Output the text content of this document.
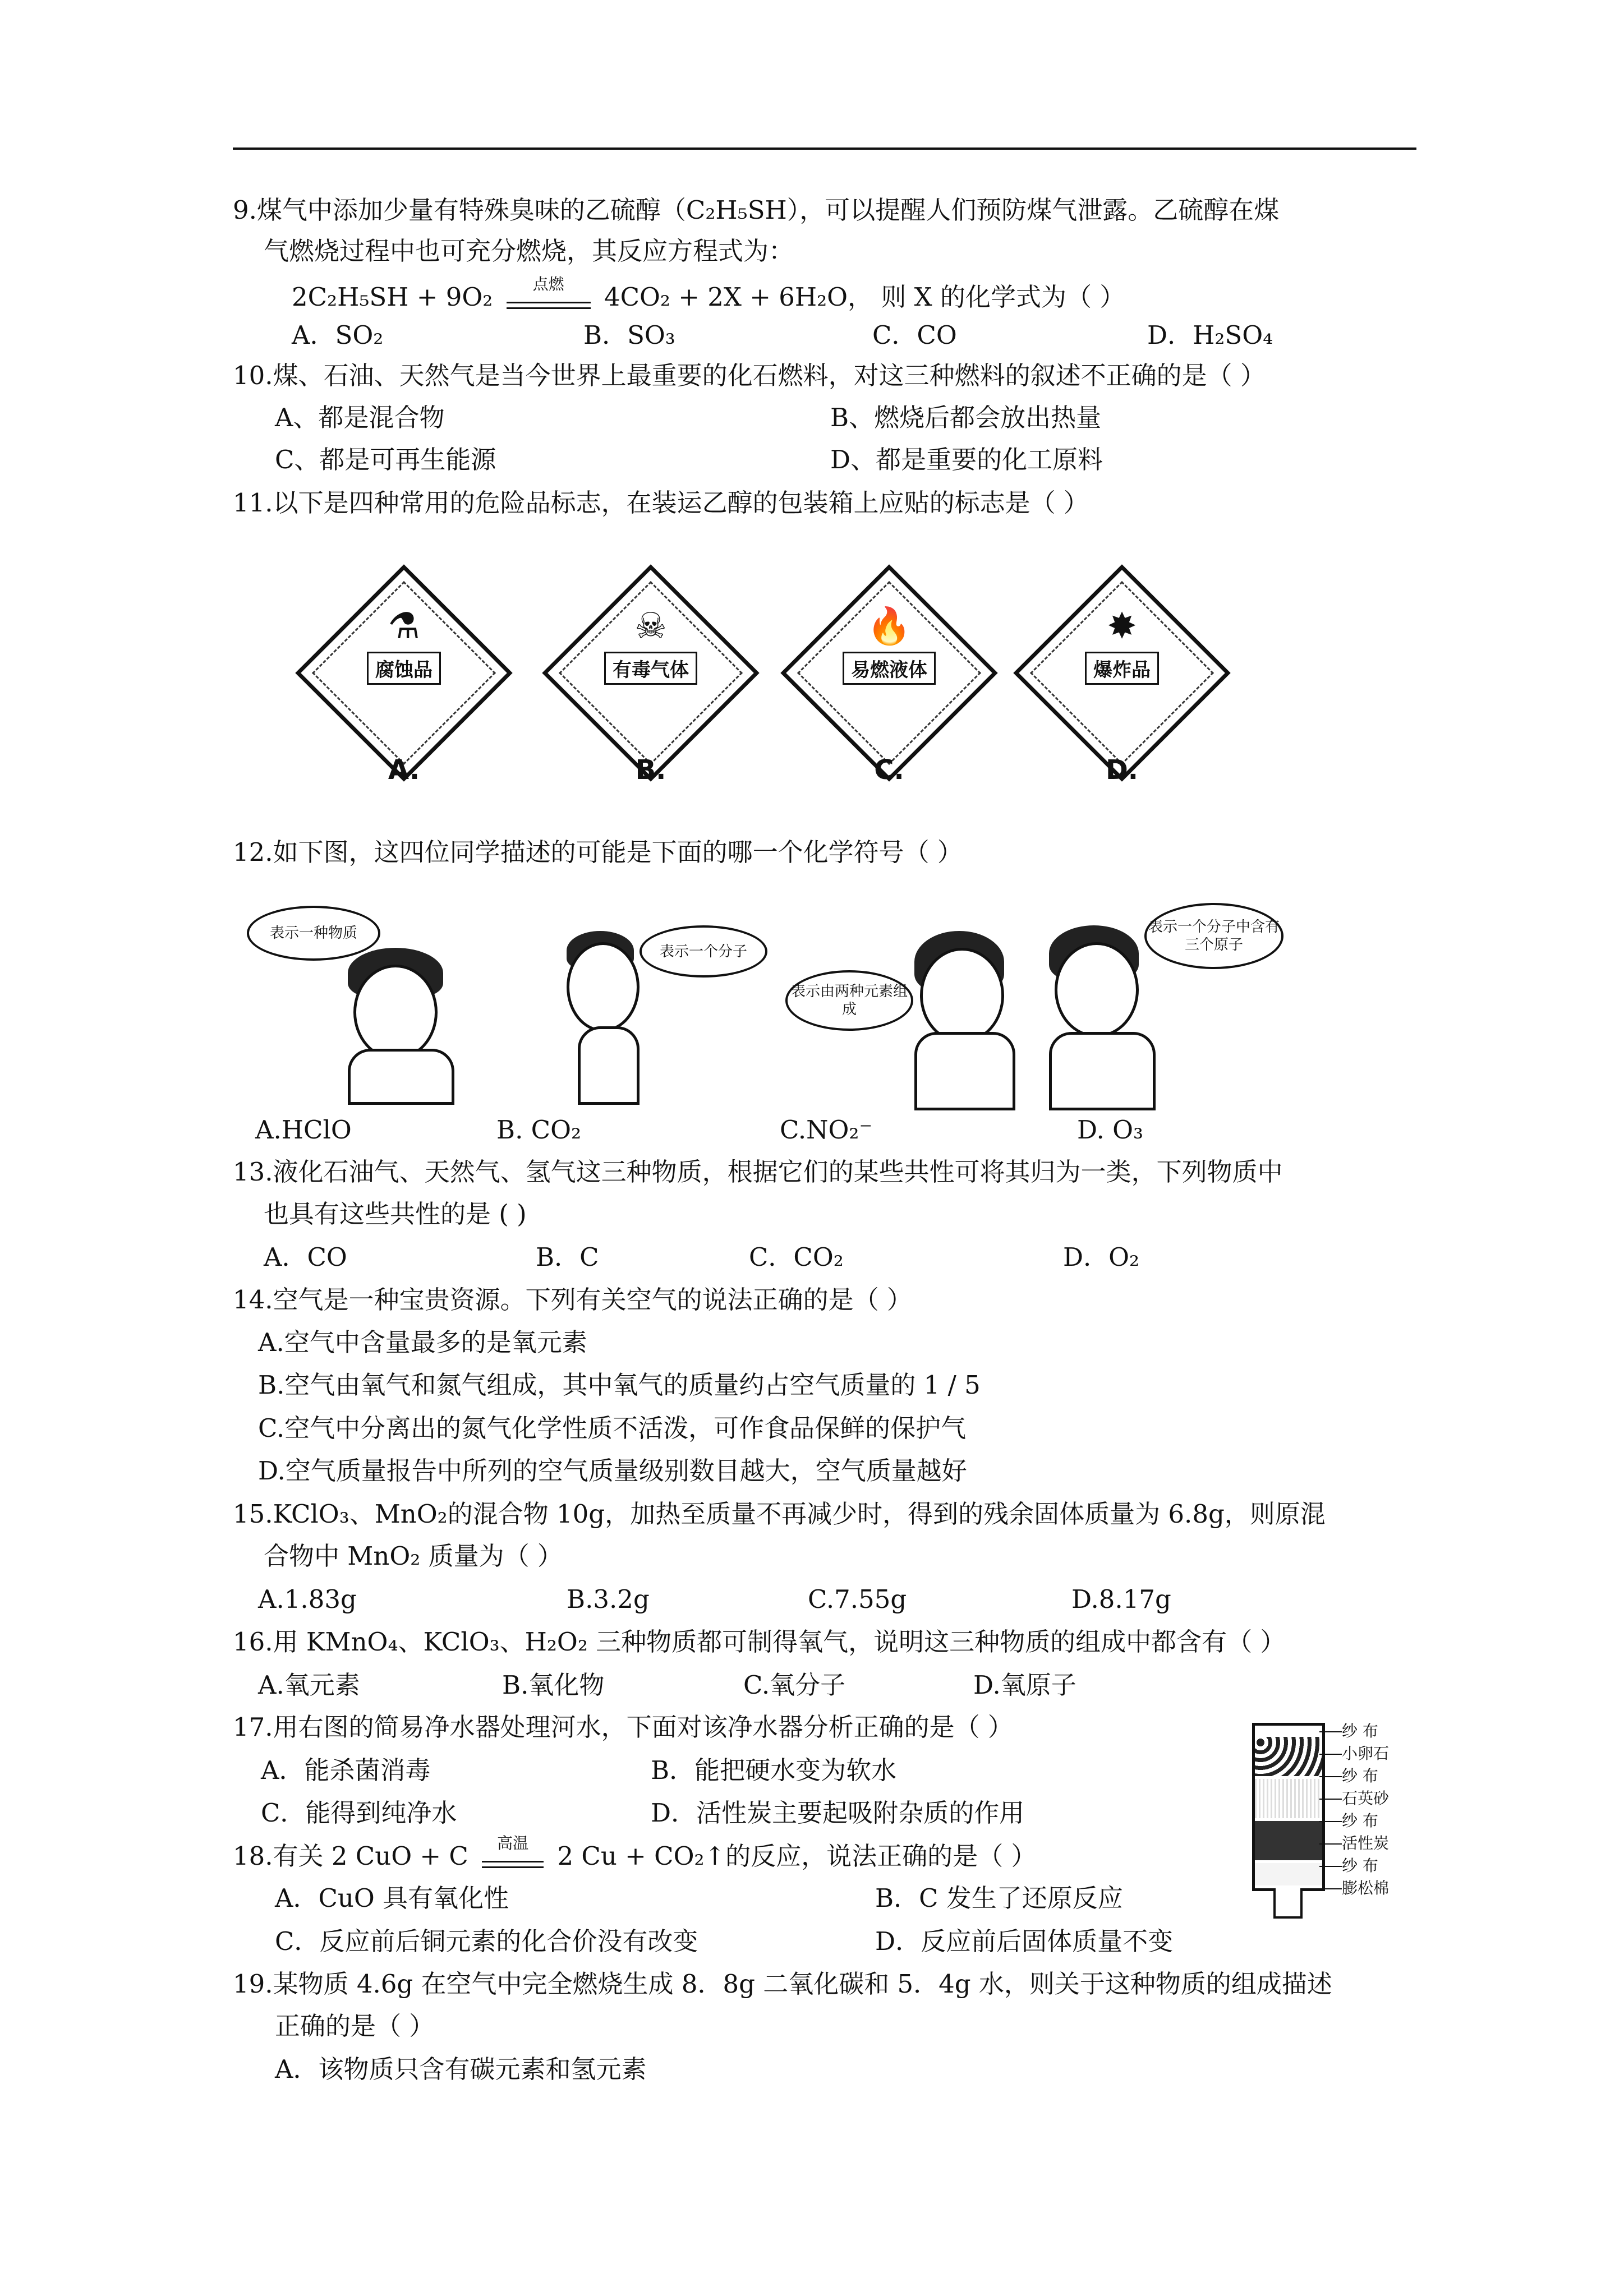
9.煤气中添加少量有特殊臭味的乙硫醇（C₂H₅SH），可以提醒人们预防煤气泄露。乙硫醇在煤
气燃烧过程中也可充分燃烧，其反应方程式为：
2C₂H₅SH + 9O₂	点燃	4CO₂ + 2X + 6H₂O， 则 X 的化学式为（ ）
A．SO₂	B．SO₃	C．CO	D．H₂SO₄
10.煤、石油、天然气是当今世界上最重要的化石燃料，对这三种燃料的叙述不正确的是（ ）
A、都是混合物	B、燃烧后都会放出热量
C、都是可再生能源	D、都是重要的化工原料
11.以下是四种常用的危险品标志，在装运乙醇的包装箱上应贴的标志是（ ）
⚗
腐蚀品
A.
☠
有毒气体
B.
🔥
易燃液体
C.
✸
爆炸品
D.
12.如下图，这四位同学描述的可能是下面的哪一个化学符号（ ）
表示一种物质
表示一个分子
表示由两种元素组成
表示一个分子中含有三个原子
A.HClO	B. CO₂	C.NO₂⁻	D. O₃
13.液化石油气、天然气、氢气这三种物质，根据它们的某些共性可将其归为一类，下列物质中
也具有这些共性的是 ( )
A．CO	B．C	C．CO₂	D．O₂
14.空气是一种宝贵资源。下列有关空气的说法正确的是（ ）
A.空气中含量最多的是氧元素
B.空气由氧气和氮气组成，其中氧气的质量约占空气质量的 1 / 5
C.空气中分离出的氮气化学性质不活泼，可作食品保鲜的保护气
D.空气质量报告中所列的空气质量级别数目越大，空气质量越好
15.KClO₃、MnO₂的混合物 10g，加热至质量不再减少时，得到的残余固体质量为 6.8g，则原混
合物中 MnO₂ 质量为（ ）
A.1.83g	B.3.2g	C.7.55g	D.8.17g
16.用 KMnO₄、KClO₃、H₂O₂ 三种物质都可制得氧气，说明这三种物质的组成中都含有（ ）
A.氧元素	B.氧化物	C.氧分子	D.氧原子
17.用右图的简易净水器处理河水，下面对该净水器分析正确的是（ ）
A．能杀菌消毒	B．能把硬水变为软水
C．能得到纯净水	D．活性炭主要起吸附杂质的作用
纱 布
小卵石
纱 布
石英砂
纱 布
活性炭
纱 布
膨松棉
18.有关 2 CuO + C	高温	2 Cu + CO₂↑的反应，说法正确的是（ ）
A．CuO 具有氧化性	B．C 发生了还原反应
C．反应前后铜元素的化合价没有改变	D．反应前后固体质量不变
19.某物质 4.6g 在空气中完全燃烧生成 8．8g 二氧化碳和 5．4g 水，则关于这种物质的组成描述
正确的是（ ）
A．该物质只含有碳元素和氢元素
